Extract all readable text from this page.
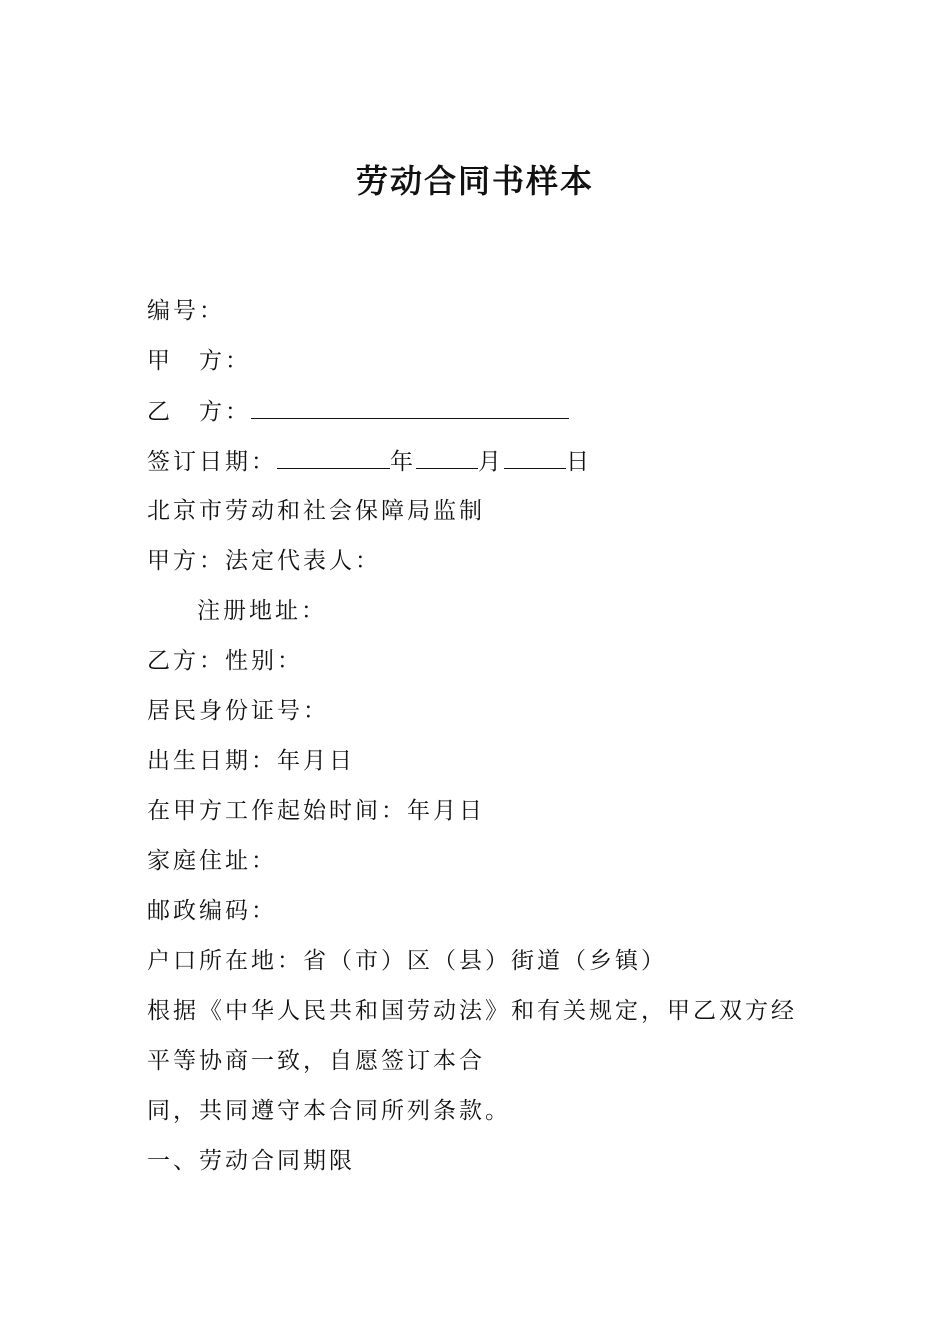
劳动合同书样本
编号：
甲　方：
乙　方：
签订日期：	年	月	日
北京市劳动和社会保障局监制
甲方：法定代表人：
注册地址：
乙方：性别：
居民身份证号：
出生日期：年月日
在甲方工作起始时间：年月日
家庭住址：
邮政编码：
户口所在地：省（市）区（县）街道（乡镇）
根据《中华人民共和国劳动法》和有关规定，甲乙双方经
平等协商一致，自愿签订本合
同，共同遵守本合同所列条款。
一、劳动合同期限
